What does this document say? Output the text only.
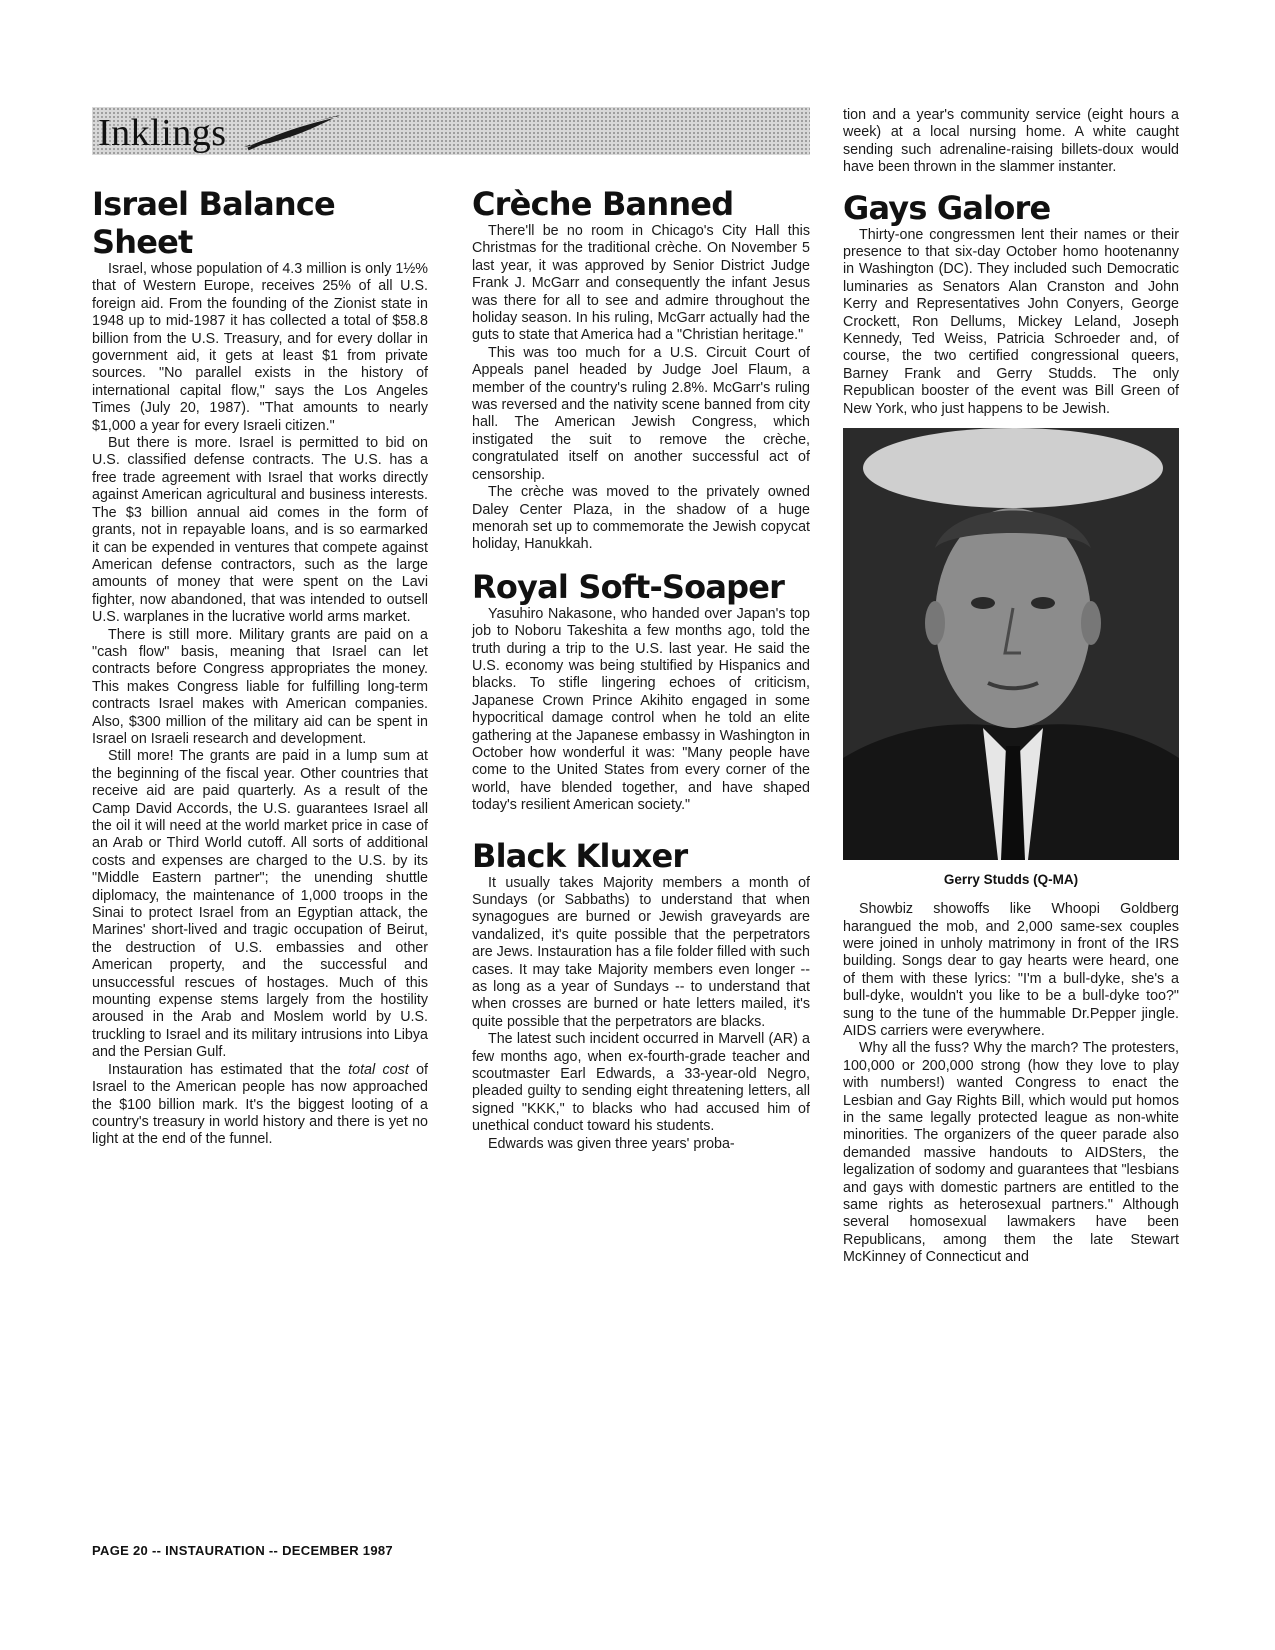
Inklings
Israel Balance Sheet

Israel, whose population of 4.3 million is only 1½% that of Western Europe, receives 25% of all U.S. foreign aid. From the founding of the Zionist state in 1948 up to mid-1987 it has collected a total of $58.8 billion from the U.S. Treasury, and for every dollar in government aid, it gets at least $1 from private sources. "No parallel exists in the history of international capital flow," says the Los Angeles Times (July 20, 1987). "That amounts to nearly $1,000 a year for every Israeli citizen."

But there is more. Israel is permitted to bid on U.S. classified defense contracts. The U.S. has a free trade agreement with Israel that works directly against American agricultural and business interests. The $3 billion annual aid comes in the form of grants, not in repayable loans, and is so earmarked it can be expended in ventures that compete against American defense contractors, such as the large amounts of money that were spent on the Lavi fighter, now abandoned, that was intended to outsell U.S. warplanes in the lucrative world arms market.

There is still more. Military grants are paid on a "cash flow" basis, meaning that Israel can let contracts before Congress appropriates the money. This makes Congress liable for fulfilling long-term contracts Israel makes with American companies. Also, $300 million of the military aid can be spent in Israel on Israeli research and development.

Still more! The grants are paid in a lump sum at the beginning of the fiscal year. Other countries that receive aid are paid quarterly. As a result of the Camp David Accords, the U.S. guarantees Israel all the oil it will need at the world market price in case of an Arab or Third World cutoff. All sorts of additional costs and expenses are charged to the U.S. by its "Middle Eastern partner"; the unending shuttle diplomacy, the maintenance of 1,000 troops in the Sinai to protect Israel from an Egyptian attack, the Marines' short-lived and tragic occupation of Beirut, the destruction of U.S. embassies and other American property, and the successful and unsuccessful rescues of hostages. Much of this mounting expense stems largely from the hostility aroused in the Arab and Moslem world by U.S. truckling to Israel and its military intrusions into Libya and the Persian Gulf.

Instauration has estimated that the total cost of Israel to the American people has now approached the $100 billion mark. It's the biggest looting of a country's treasury in world history and there is yet no light at the end of the funnel.

Crèche Banned

There'll be no room in Chicago's City Hall this Christmas for the traditional crèche. On November 5 last year, it was approved by Senior District Judge Frank J. McGarr and consequently the infant Jesus was there for all to see and admire throughout the holiday season. In his ruling, McGarr actually had the guts to state that America had a "Christian heritage."

This was too much for a U.S. Circuit Court of Appeals panel headed by Judge Joel Flaum, a member of the country's ruling 2.8%. McGarr's ruling was reversed and the nativity scene banned from city hall. The American Jewish Congress, which instigated the suit to remove the crèche, congratulated itself on another successful act of censorship.

The crèche was moved to the privately owned Daley Center Plaza, in the shadow of a huge menorah set up to commemorate the Jewish copycat holiday, Hanukkah.

Royal Soft-Soaper

Yasuhiro Nakasone, who handed over Japan's top job to Noboru Takeshita a few months ago, told the truth during a trip to the U.S. last year. He said the U.S. economy was being stultified by Hispanics and blacks. To stifle lingering echoes of criticism, Japanese Crown Prince Akihito engaged in some hypocritical damage control when he told an elite gathering at the Japanese embassy in Washington in October how wonderful it was: "Many people have come to the United States from every corner of the world, have blended together, and have shaped today's resilient American society."

Black Kluxer

It usually takes Majority members a month of Sundays (or Sabbaths) to understand that when synagogues are burned or Jewish graveyards are vandalized, it's quite possible that the perpetrators are Jews. Instauration has a file folder filled with such cases. It may take Majority members even longer -- as long as a year of Sundays -- to understand that when crosses are burned or hate letters mailed, it's quite possible that the perpetrators are blacks.

The latest such incident occurred in Marvell (AR) a few months ago, when ex-fourth-grade teacher and scoutmaster Earl Edwards, a 33-year-old Negro, pleaded guilty to sending eight threatening letters, all signed "KKK," to blacks who had accused him of unethical conduct toward his students.

Edwards was given three years' proba-

tion and a year's community service (eight hours a week) at a local nursing home. A white caught sending such adrenaline-raising billets-doux would have been thrown in the slammer instanter.

Gays Galore

Thirty-one congressmen lent their names or their presence to that six-day October homo hootenanny in Washington (DC). They included such Democratic luminaries as Senators Alan Cranston and John Kerry and Representatives John Conyers, George Crockett, Ron Dellums, Mickey Leland, Joseph Kennedy, Ted Weiss, Patricia Schroeder and, of course, the two certified congressional queers, Barney Frank and Gerry Studds. The only Republican booster of the event was Bill Green of New York, who just happens to be Jewish.

Gerry Studds (Q-MA)

Showbiz showoffs like Whoopi Goldberg harangued the mob, and 2,000 same-sex couples were joined in unholy matrimony in front of the IRS building. Songs dear to gay hearts were heard, one of them with these lyrics: "I'm a bull-dyke, she's a bull-dyke, wouldn't you like to be a bull-dyke too?" sung to the tune of the hummable Dr.Pepper jingle. AIDS carriers were everywhere.

Why all the fuss? Why the march? The protesters, 100,000 or 200,000 strong (how they love to play with numbers!) wanted Congress to enact the Lesbian and Gay Rights Bill, which would put homos in the same legally protected league as non-white minorities. The organizers of the queer parade also demanded massive handouts to AIDSters, the legalization of sodomy and guarantees that "lesbians and gays with domestic partners are entitled to the same rights as heterosexual partners." Although several homosexual lawmakers have been Republicans, among them the late Stewart McKinney of Connecticut and

PAGE 20 -- INSTAURATION -- DECEMBER 1987
